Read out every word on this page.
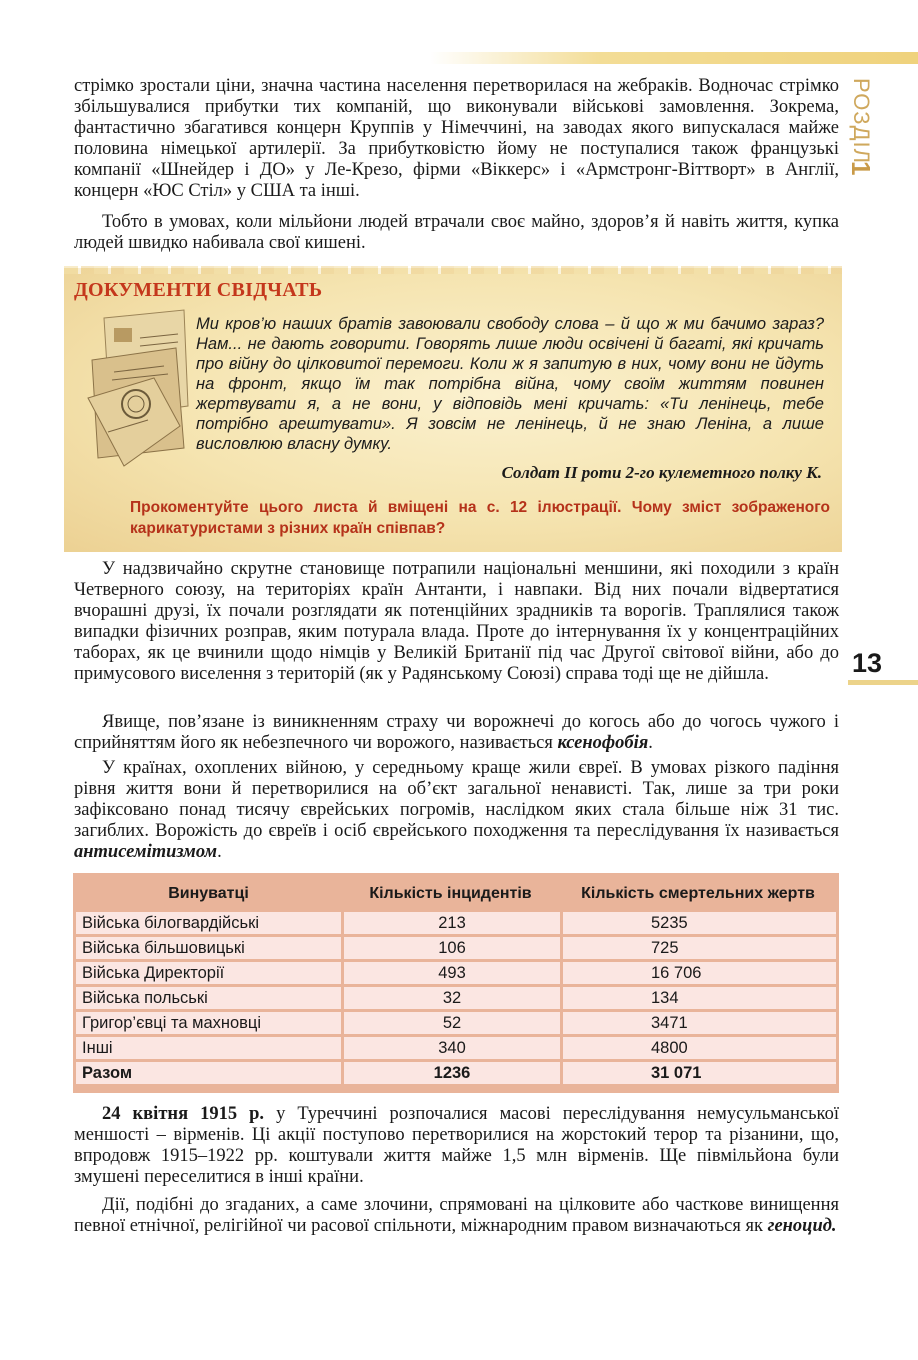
РОЗДІЛ
1
13

стрімко зростали ціни, значна частина населення перетворилася на жебраків. Водночас стрімко збільшувалися прибутки тих компаній, що виконували військові замовлення. Зокрема, фантастично збагатився концерн Круппів у Німеччині, на заводах якого випускалася майже половина німецької артилерії. За прибутковістю йому не поступалися також французькі компанії «Шнейдер і ДО» у Ле-Крезо, фірми «Віккерс» і «Армстронг-Віттворт» в Англії, концерн «ЮС Стіл» у США та інші.

Тобто в умовах, коли мільйони людей втрачали своє майно, здоров’я й навіть життя, купка людей швидко набивала свої кишені.

ДОКУМЕНТИ СВІДЧАТЬ

Ми кров’ю наших братів завоювали свободу слова – й що ж ми бачимо зараз? Нам... не дають говорити. Говорять лише люди освічені й багаті, які кричать про війну до цілковитої перемоги. Коли ж я запитую в них, чому вони не йдуть на фронт, якщо їм так потрібна війна, чому своїм життям повинен жертвувати я, а не вони, у відповідь мені кричать: «Ти ленінець, тебе потрібно арештувати». Я зовсім не ленінець, й не знаю Леніна, а лише висловлюю власну думку.

Солдат II роти 2-го кулеметного полку К.

Прокоментуйте цього листа й вміщені на с. 12 ілюстрації. Чому зміст зображеного карикатуристами з різних країн співпав?

У надзвичайно скрутне становище потрапили національні меншини, які походили з країн Четверного союзу, на територіях країн Антанти, і навпаки. Від них почали відвертатися вчорашні друзі, їх почали розглядати як потенційних зрадників та ворогів. Траплялися також випадки фізичних розправ, яким потурала влада. Проте до інтернування їх у концентраційних таборах, як це вчинили щодо німців у Великій Британії під час Другої світової війни, або до примусового виселення з територій (як у Радянському Союзі) справа тоді ще не дійшла.

Явище, пов’язане із виникненням страху чи ворожнечі до когось або до чогось чужого і сприйняттям його як небезпечного чи ворожого, називається ксенофобія.

У країнах, охоплених війною, у середньому краще жили євреї. В умовах різкого падіння рівня життя вони й перетворилися на об’єкт загальної ненависті. Так, лише за три роки зафіксовано понад тисячу єврейських погромів, наслідком яких стала більше ніж 31 тис. загиблих. Ворожість до євреїв і осіб єврейського походження та переслідування їх називається антисемітизмом.

Винуватці	Кількість інцидентів	Кількість смертельних жертв
Війська білогвардійські	213	5235
Війська більшовицькі	106	725
Війська Директорії	493	16 706
Війська польські	32	134
Григор’євці та махновці	52	3471
Інші	340	4800
Разом	1236	31 071

24 квітня 1915 р. у Туреччині розпочалися масові переслідування немусульманської меншості – вірменів. Ці акції поступово перетворилися на жорстокий терор та різанини, що, впродовж 1915–1922 рр. коштували життя майже 1,5 млн вірменів. Ще півмільйона були змушені переселитися в інші країни.

Дії, подібні до згаданих, а саме злочини, спрямовані на цілковите або часткове винищення певної етнічної, релігійної чи расової спільноти, міжнародним правом визначаються як геноцид.
